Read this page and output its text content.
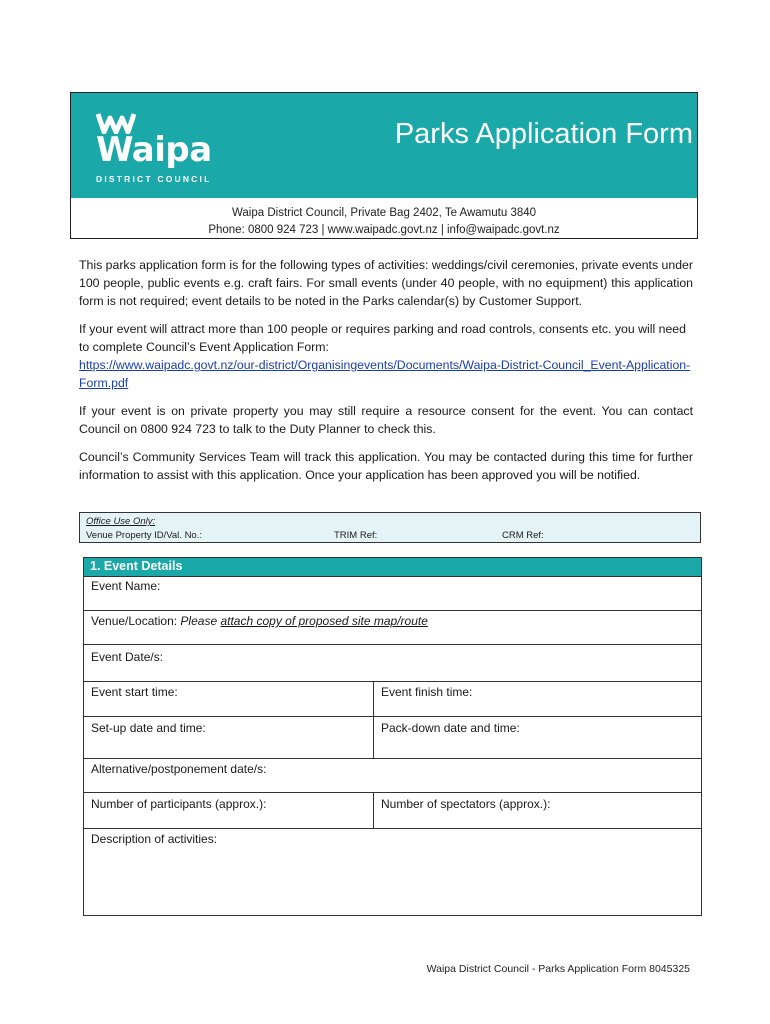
Waipa
DISTRICT COUNCIL
Parks Application Form
Waipa District Council, Private Bag 2402, Te Awamutu 3840
Phone: 0800 924 723 | www.waipadc.govt.nz | info@waipadc.govt.nz

This parks application form is for the following types of activities: weddings/civil ceremonies, private events under 100 people, public events e.g. craft fairs. For small events (under 40 people, with no equipment) this application form is not required; event details to be noted in the Parks calendar(s) by Customer Support.

If your event will attract more than 100 people or requires parking and road controls, consents etc. you will need to complete Council’s Event Application Form:

https://www.waipadc.govt.nz/our-district/Organisingevents/Documents/Waipa-District-Council_Event-Application-Form.pdf

If your event is on private property you may still require a resource consent for the event. You can contact Council on 0800 924 723 to talk to the Duty Planner to check this.

Council’s Community Services Team will track this application. You may be contacted during this time for further information to assist with this application. Once your application has been approved you will be notified.

Office Use Only:
Venue Property ID/Val. No.:	TRIM Ref:	CRM Ref:
1. Event Details
Event Name:
Venue/Location: Please attach copy of proposed site map/route
Event Date/s:
Event start time:	Event finish time:
Set-up date and time:	Pack-down date and time:
Alternative/postponement date/s:
Number of participants (approx.):	Number of spectators (approx.):
Description of activities:
Waipa District Council - Parks Application Form 8045325
